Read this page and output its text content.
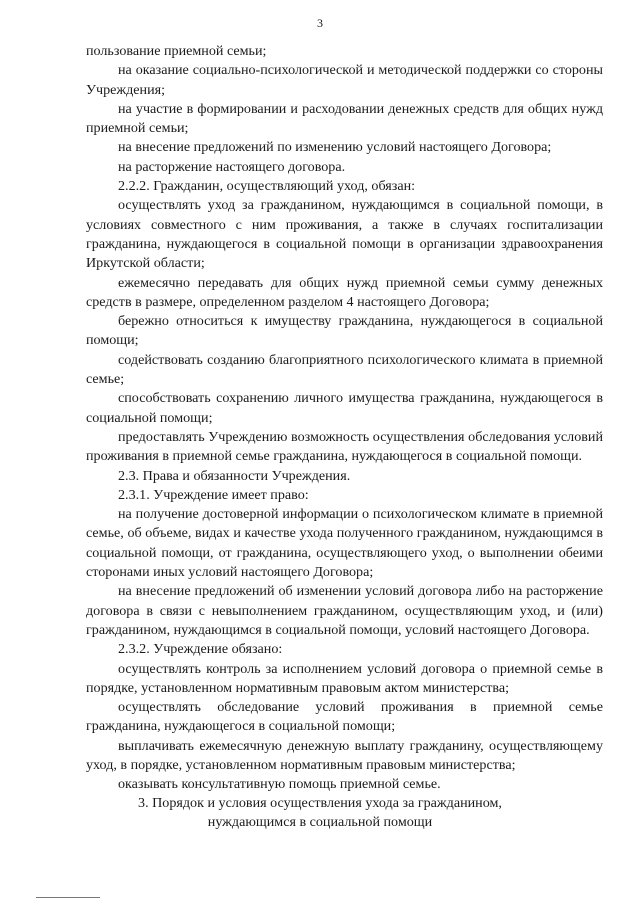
3

пользование приемной семьи;

на оказание социально-психологической и методической поддержки со стороны Учреждения;

на участие в формировании и расходовании денежных средств для общих нужд приемной семьи;

на внесение предложений по изменению условий настоящего Договора;

на расторжение настоящего договора.

2.2.2. Гражданин, осуществляющий уход, обязан:

осуществлять уход за гражданином, нуждающимся в социальной помощи, в условиях совместного с ним проживания, а также в случаях госпитализации гражданина, нуждающегося в социальной помощи в организации здравоохранения Иркутской области;

ежемесячно передавать для общих нужд приемной семьи сумму денежных средств в размере, определенном разделом 4 настоящего Договора;

бережно относиться к имуществу гражданина, нуждающегося в социальной помощи;

содействовать созданию благоприятного психологического климата в приемной семье;

способствовать сохранению личного имущества гражданина, нуждающегося в социальной помощи;

предоставлять Учреждению возможность осуществления обследования условий проживания в приемной семье гражданина, нуждающегося в социальной помощи.

2.3. Права и обязанности Учреждения.

2.3.1. Учреждение имеет право:

на получение достоверной информации о психологическом климате в приемной семье, об объеме, видах и качестве ухода полученного гражданином, нуждающимся в социальной помощи, от гражданина, осуществляющего уход, о выполнении обеими сторонами иных условий настоящего Договора;

на внесение предложений об изменении условий договора либо на расторжение договора в связи с невыполнением гражданином, осуществляющим уход, и (или) гражданином, нуждающимся в социальной помощи, условий настоящего Договора.

2.3.2. Учреждение обязано:

осуществлять контроль за исполнением условий договора о приемной семье в порядке, установленном нормативным правовым актом министерства;

осуществлять обследование условий проживания в приемной семье гражданина, нуждающегося в социальной помощи;

выплачивать ежемесячную денежную выплату гражданину, осуществляющему уход, в порядке, установленном нормативным правовым министерства;

оказывать консультативную помощь приемной семье.

3. Порядок и условия осуществления ухода за гражданином,
нуждающимся в социальной помощи
